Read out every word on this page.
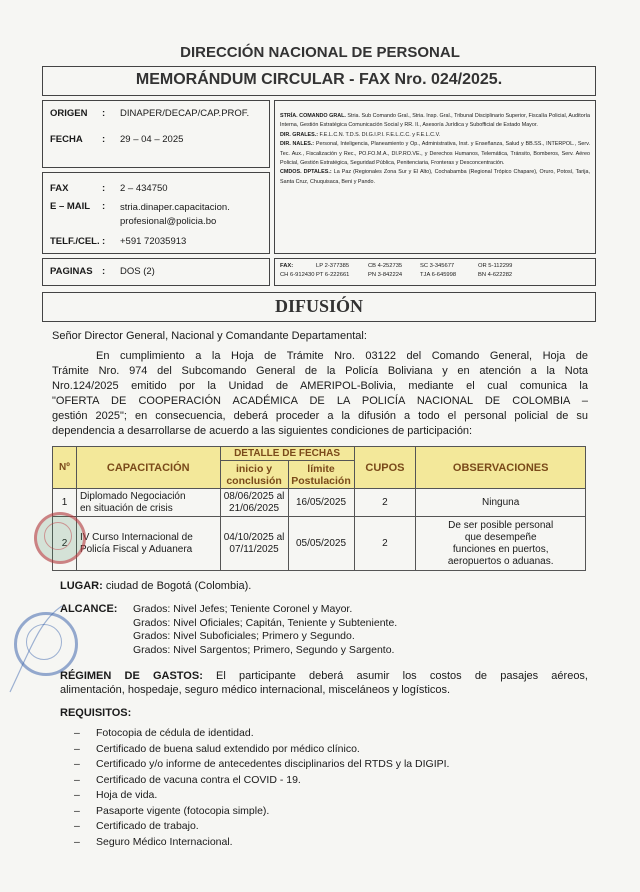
DIRECCIÓN NACIONAL DE PERSONAL
MEMORÁNDUM CIRCULAR - FAX Nro. 024/2025.
ORIGEN	:	DINAPER/DECAP/CAP.PROF.
FECHA	:	29 – 04 – 2025
FAX	:	2 – 434750
E – MAIL	:	stria.dinaper.capacitacion.
profesional@policia.bo
TELF./CEL. :	+591 72035913
PAGINAS :	DOS (2)
STRÍA. COMANDO GRAL. Stria. Sub Comando Gral., Stria. Insp. Gral., Tribunal Disciplinario Superior, Fiscalía Policial, Auditoría Interna, Gestión Estratégica Comunicación Social y RR. II., Asesoría Jurídica y Subofficial de Estado Mayor.
DIR. GRALES.: F.E.L.C.N. T.D.S. DI.G.I.P.I. F.E.L.C.C. y F.E.L.C.V.
DIR. NALES.: Personal, Inteligencia, Planeamiento y Op., Administrativa, Inst. y Enseñanza, Salud y BB.SS., INTERPOL., Serv. Tec. Aux., Fiscalización y Rec., PO.FO.M.A., DI.P.RO.VE., y Derechos Humanos, Telemática, Tránsito, Bomberos, Serv. Aéreo Policial, Gestión Estratégica, Seguridad Pública, Penitenciaria, Fronteras y Desconcentración.
CMDOS. DPTALES.: La Paz (Regionales Zona Sur y El Alto), Cochabamba (Regional Trópico Chapare), Oruro, Potosí, Tarija, Santa Cruz, Chuquisaca, Beni y Pando.
FAX:	LP 2-377385	CB 4-252735	SC 3-345677	OR 5-112299
CH 6-912430 PT 6-222661	PN 3-842224	TJA 6-645998	BN 4-622282
DIFUSIÓN
Señor Director General, Nacional y Comandante Departamental:
En cumplimiento a la Hoja de Trámite Nro. 03122 del Comando General, Hoja de
Trámite Nro. 974 del Subcomando General de la Policía Boliviana y en atención a la Nota
Nro.124/2025 emitido por la Unidad de AMERIPOL-Bolivia, mediante el cual comunica la
"OFERTA DE COOPERACIÓN ACADÉMICA DE LA POLICÍA NACIONAL DE COLOMBIA –
gestión 2025"; en consecuencia, deberá proceder a la difusión a todo el personal policial de su
dependencia a desarrollarse de acuerdo a las siguientes condiciones de participación:
Nº	CAPACITACIÓN	DETALLE DE FECHAS		CUPOS	OBSERVACIONES
		inicio y
conclusión	límite
Postulación		
1	Diplomado Negociación
en situación de crisis	08/06/2025 al
21/06/2025	16/05/2025	2	Ninguna
2	IV Curso Internacional de
Policía Fiscal y Aduanera	04/10/2025 al
07/11/2025	05/05/2025	2	De ser posible personal
que desempeñe
funciones en puertos,
aeropuertos o aduanas.
LUGAR: ciudad de Bogotá (Colombia).
ALCANCE: Grados: Nivel Jefes; Teniente Coronel y Mayor.
Grados: Nivel Oficiales; Capitán, Teniente y Subteniente.
Grados: Nivel Suboficiales; Primero y Segundo.
Grados: Nivel Sargentos; Primero, Segundo y Sargento.
RÉGIMEN DE GASTOS: El participante deberá asumir los costos de pasajes aéreos,
alimentación, hospedaje, seguro médico internacional, misceláneos y logísticos.
REQUISITOS:
– Fotocopia de cédula de identidad.
– Certificado de buena salud extendido por médico clínico.
– Certificado y/o informe de antecedentes disciplinarios del RTDS y la DIGIPI.
– Certificado de vacuna contra el COVID - 19.
– Hoja de vida.
– Pasaporte vigente (fotocopia simple).
– Certificado de trabajo.
– Seguro Médico Internacional.
